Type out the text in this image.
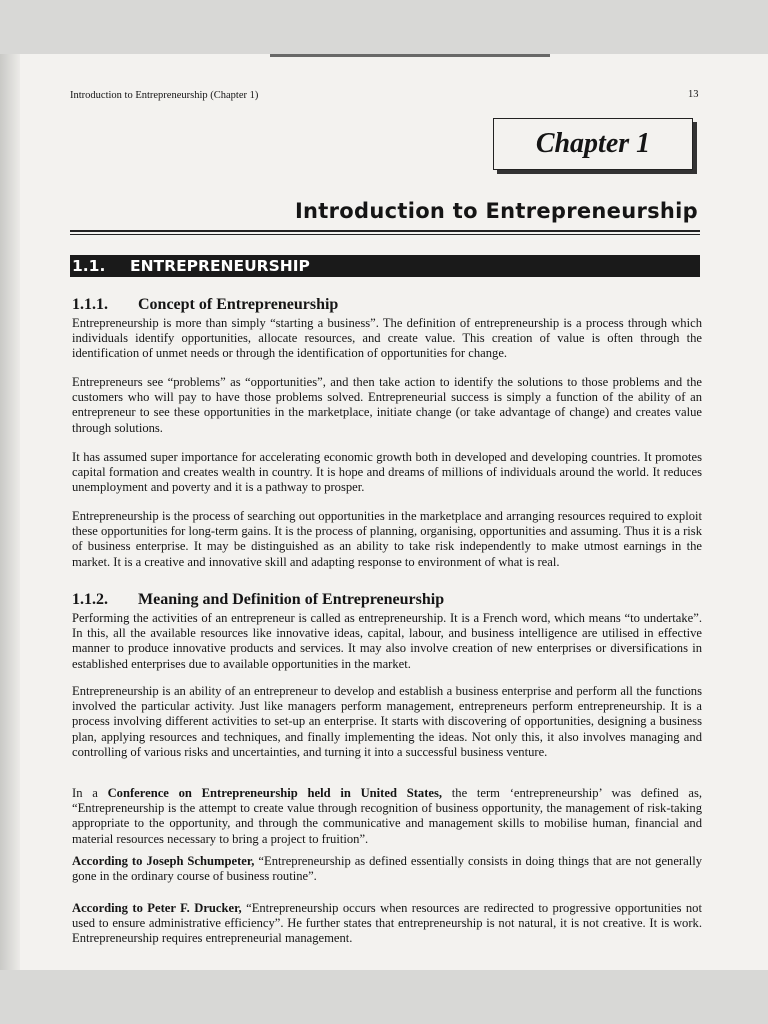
Introduction to Entrepreneurship (Chapter 1)	13
Chapter 1
Introduction to Entrepreneurship
1.1. ENTREPRENEURSHIP
1.1.1. Concept of Entrepreneurship

Entrepreneurship is more than simply “starting a business”. The definition of entrepreneurship is a process through which individuals identify opportunities, allocate resources, and create value. This creation of value is often through the identification of unmet needs or through the identification of opportunities for change.

Entrepreneurs see “problems” as “opportunities”, and then take action to identify the solutions to those problems and the customers who will pay to have those problems solved. Entrepreneurial success is simply a function of the ability of an entrepreneur to see these opportunities in the marketplace, initiate change (or take advantage of change) and creates value through solutions.

It has assumed super importance for accelerating economic growth both in developed and developing countries. It promotes capital formation and creates wealth in country. It is hope and dreams of millions of individuals around the world. It reduces unemployment and poverty and it is a pathway to prosper.

Entrepreneurship is the process of searching out opportunities in the marketplace and arranging resources required to exploit these opportunities for long-term gains. It is the process of planning, organising, opportunities and assuming. Thus it is a risk of business enterprise. It may be distinguished as an ability to take risk independently to make utmost earnings in the market. It is a creative and innovative skill and adapting response to environment of what is real.

1.1.2. Meaning and Definition of Entrepreneurship

Performing the activities of an entrepreneur is called as entrepreneurship. It is a French word, which means “to undertake”. In this, all the available resources like innovative ideas, capital, labour, and business intelligence are utilised in effective manner to produce innovative products and services. It may also involve creation of new enterprises or diversifications in established enterprises due to available opportunities in the market.

Entrepreneurship is an ability of an entrepreneur to develop and establish a business enterprise and perform all the functions involved the particular activity. Just like managers perform management, entrepreneurs perform entrepreneurship. It is a process involving different activities to set-up an enterprise. It starts with discovering of opportunities, designing a business plan, applying resources and techniques, and finally implementing the ideas. Not only this, it also involves managing and controlling of various risks and uncertainties, and turning it into a successful business venture.

In a Conference on Entrepreneurship held in United States, the term ‘entrepreneurship’ was defined as, “Entrepreneurship is the attempt to create value through recognition of business opportunity, the management of risk-taking appropriate to the opportunity, and through the communicative and management skills to mobilise human, financial and material resources necessary to bring a project to fruition”.

According to Joseph Schumpeter, “Entrepreneurship as defined essentially consists in doing things that are not generally gone in the ordinary course of business routine”.

According to Peter F. Drucker, “Entrepreneurship occurs when resources are redirected to progressive opportunities not used to ensure administrative efficiency”. He further states that entrepreneurship is not natural, it is not creative. It is work. Entrepreneurship requires entrepreneurial management.
